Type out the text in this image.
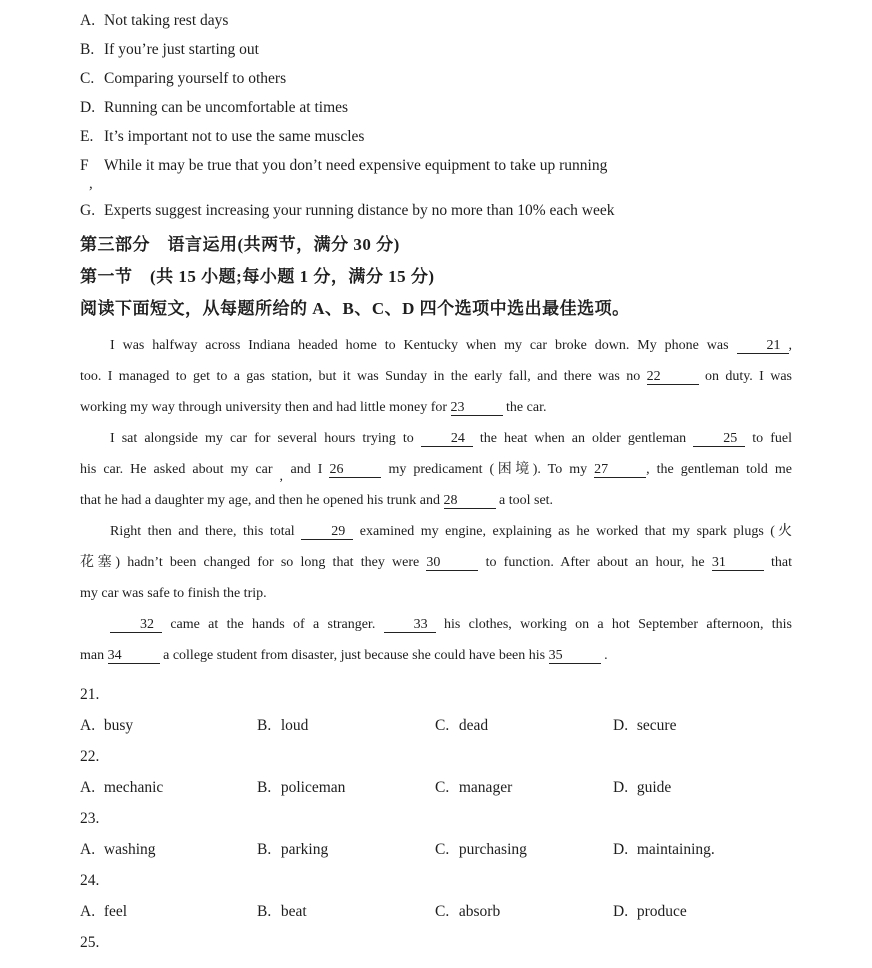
A. Not taking rest days
B. If you’re just starting out
C. Comparing yourself to others
D. Running can be uncomfortable at times
E. It’s important not to use the same muscles
F While it may be true that you don’t need expensive equipment to take up running
,
G. Experts suggest increasing your running distance by no more than 10% each week
第三部分　语言运用(共两节，满分 30 分)
第一节　(共 15 小题;每小题 1 分，满分 15 分)
阅读下面短文，从每题所给的 A、B、C、D 四个选项中选出最佳选项。
I was halfway across Indiana headed home to Kentucky when my car broke down. My phone was 21 ,
too. I managed to get to a gas station, but it was Sunday in the early fall, and there was no 22	on duty. I was
working my way through university then and had little money for 23	the car.
I sat alongside my car for several hours trying to 24 the heat when an older gentleman 25 to fuel
his car. He asked about my car , and I 26	my predicament (困境). To my 27	, the gentleman told me
that he had a daughter my age, and then he opened his trunk and 28	a tool set.
Right then and there, this total 29 examined my engine, explaining as he worked that my spark plugs (火
花塞) hadn’t been changed for so long that they were 30	to function. After about an hour, he 31	that
my car was safe to finish the trip.
32 came at the hands of a stranger. 33 his clothes, working on a hot September afternoon, this
man 34	a college student from disaster, just because she could have been his 35	.
21.
A. busy	B. loud	C. dead	D. secure
22.
A. mechanic	B. policeman	C. manager	D. guide
23.
A. washing	B. parking	C. purchasing	D. maintaining.
24.
A. feel	B. beat	C. absorb	D. produce
25.
